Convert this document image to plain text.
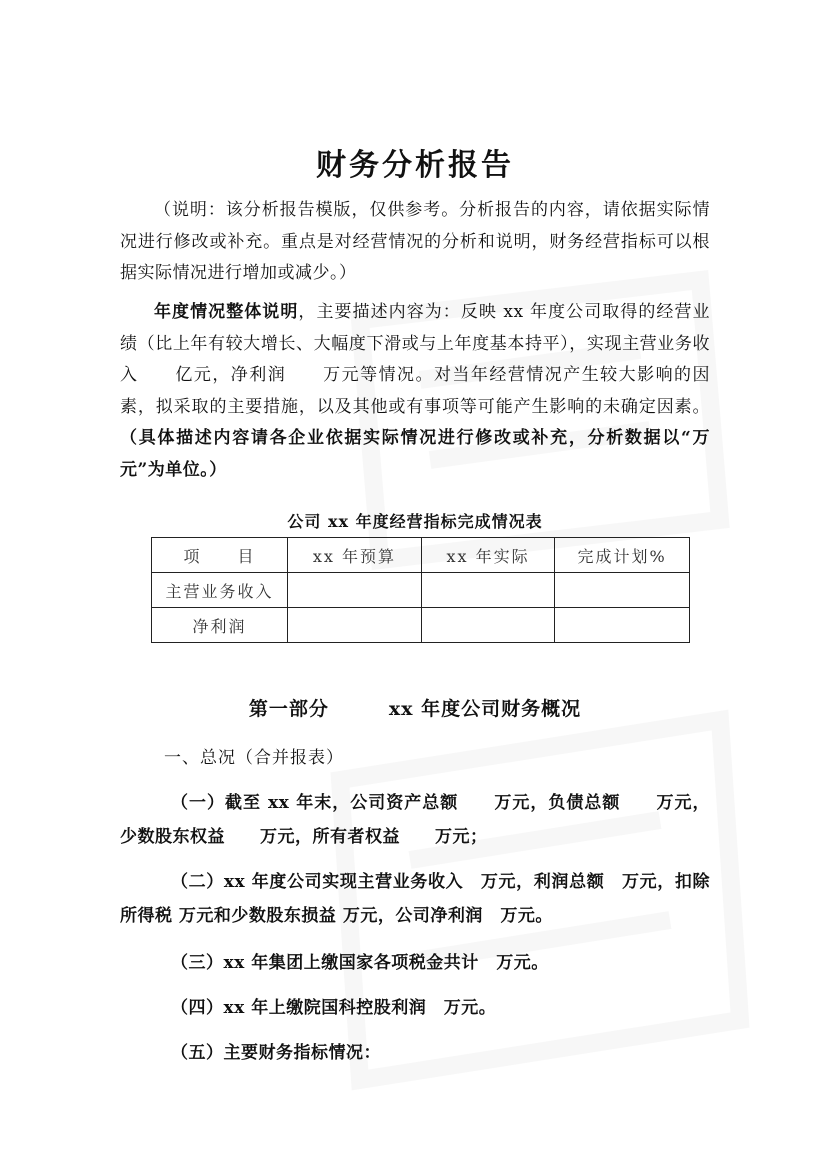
财务分析报告
（说明：该分析报告模版，仅供参考。分析报告的内容，请依据实际情况进行修改或补充。重点是对经营情况的分析和说明，财务经营指标可以根据实际情况进行增加或减少。）
年度情况整体说明，主要描述内容为：反映 xx 年度公司取得的经营业绩（比上年有较大增长、大幅度下滑或与上年度基本持平），实现主营业务收入　　亿元，净利润　　万元等情况。对当年经营情况产生较大影响的因素，拟采取的主要措施，以及其他或有事项等可能产生影响的未确定因素。（具体描述内容请各企业依据实际情况进行修改或补充，分析数据以“万元”为单位。）
公司 xx 年度经营指标完成情况表
项　　目	xx 年预算	xx 年实际	完成计划%
主营业务收入			
净利润			
第一部分　　　xx 年度公司财务概况
一、总况（合并报表）
（一）截至 xx 年末，公司资产总额　　万元，负债总额　　万元，少数股东权益　　万元，所有者权益　　万元；
（二）xx 年度公司实现主营业务收入　万元，利润总额　万元，扣除所得税 万元和少数股东损益 万元，公司净利润　万元。
（三）xx 年集团上缴国家各项税金共计　万元。
（四）xx 年上缴院国科控股利润　万元。
（五）主要财务指标情况：
